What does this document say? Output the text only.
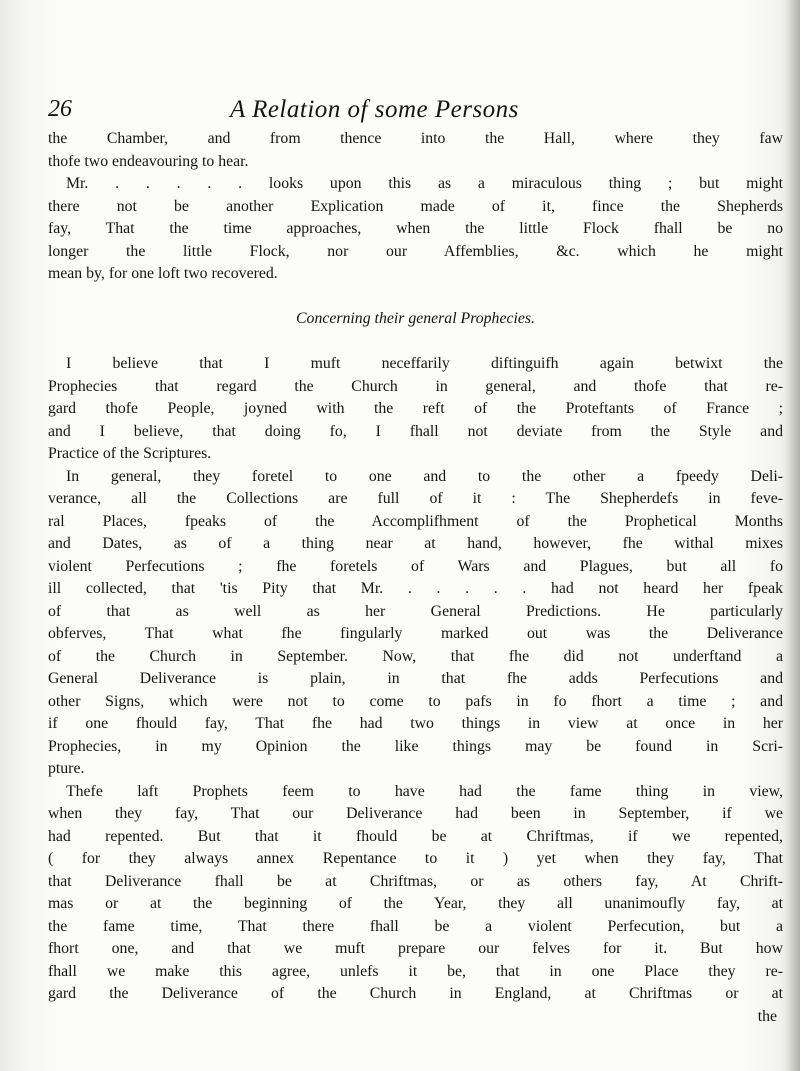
26	A Relation of some Persons
the Chamber, and from thence into the Hall, where they faw
thofe two endeavouring to hear.
Mr. . . . . . looks upon this as a miraculous thing ; but might
there not be another Explication made of it, fince the Shepherds
fay, That the time approaches, when the little Flock fhall be no
longer the little Flock, nor our Affemblies, &c. which he might
mean by, for one loft two recovered.
Concerning their general Prophecies.
I believe that I muft neceffarily diftinguifh again betwixt the
Prophecies that regard the Church in general, and thofe that re-
gard thofe People, joyned with the reft of the Proteftants of France ;
and I believe, that doing fo, I fhall not deviate from the Style and
Practice of the Scriptures.
In general, they foretel to one and to the other a fpeedy Deli-
verance, all the Collections are full of it : The Shepherdefs in feve-
ral Places, fpeaks of the Accomplifhment of the Prophetical Months
and Dates, as of a thing near at hand, however, fhe withal mixes
violent Perfecutions ; fhe foretels of Wars and Plagues, but all fo
ill collected, that 'tis Pity that Mr. . . . . . had not heard her fpeak
of that as well as her General Predictions. He particularly
obferves, That what fhe fingularly marked out was the Deliverance
of the Church in September. Now, that fhe did not underftand a
General Deliverance is plain, in that fhe adds Perfecutions and
other Signs, which were not to come to pafs in fo fhort a time ; and
if one fhould fay, That fhe had two things in view at once in her
Prophecies, in my Opinion the like things may be found in Scri-
pture.
Thefe laft Prophets feem to have had the fame thing in view,
when they fay, That our Deliverance had been in September, if we
had repented. But that it fhould be at Chriftmas, if we repented,
( for they always annex Repentance to it ) yet when they fay, That
that Deliverance fhall be at Chriftmas, or as others fay, At Chrift-
mas or at the beginning of the Year, they all unanimoufly fay, at
the fame time, That there fhall be a violent Perfecution, but a
fhort one, and that we muft prepare our felves for it. But how
fhall we make this agree, unlefs it be, that in one Place they re-
gard the Deliverance of the Church in England, at Chriftmas or at
the
